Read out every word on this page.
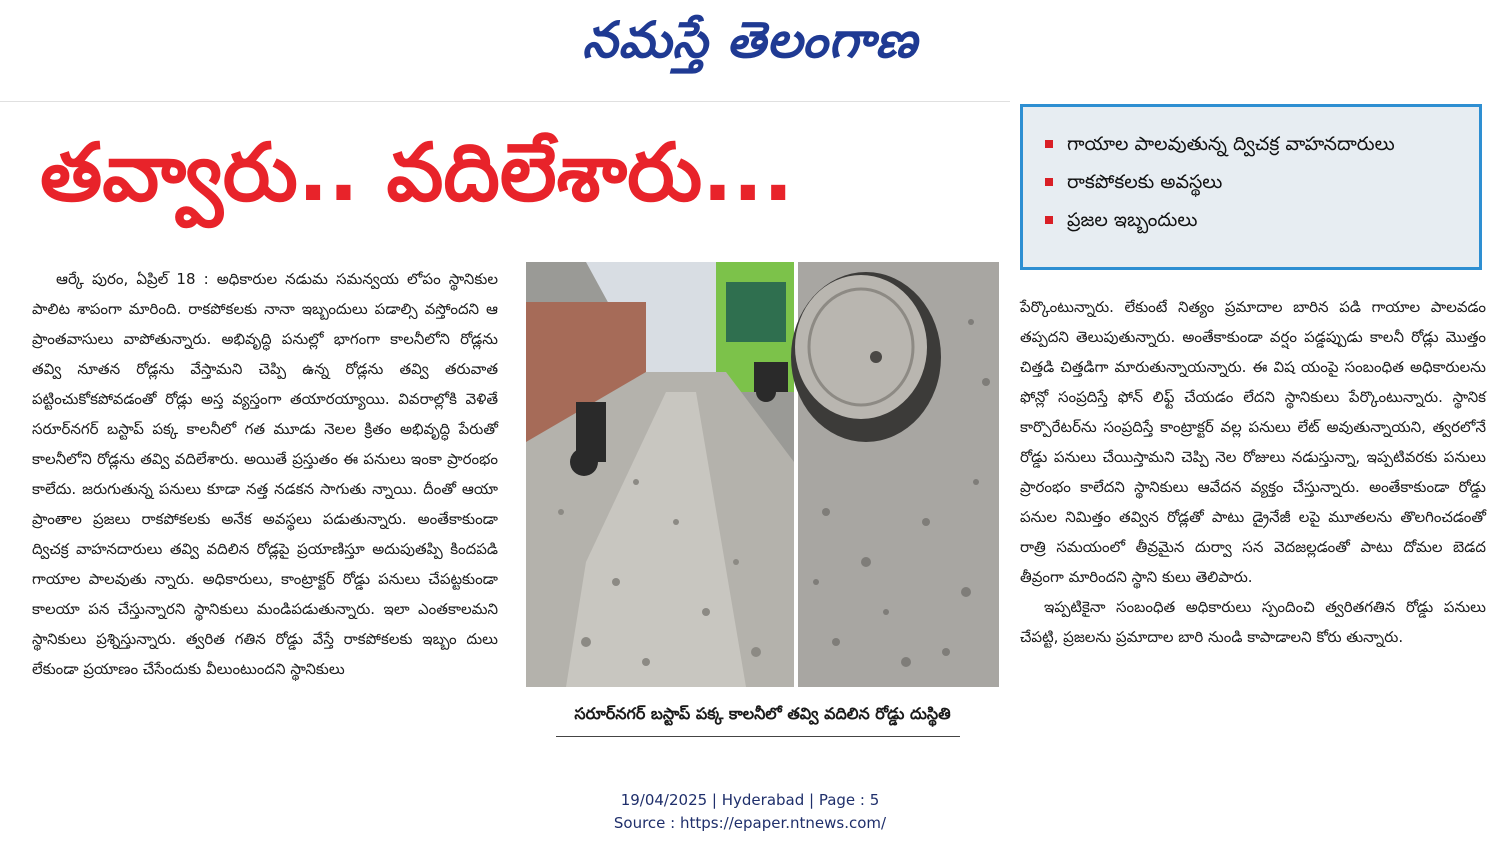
నమస్తే తెలంగాణ
తవ్వారు.. వదిలేశారు...	గాయాల పాలవుతున్న ద్విచక్ర వాహనదారులు
రాకపోకలకు అవస్థలు
ప్రజల ఇబ్బందులు

ఆర్కే పురం, ఏప్రిల్ 18 : అధికారుల నడుమ సమన్వయ లోపం స్థానికుల పాలిట శాపంగా మారింది. రాకపోకలకు నానా ఇబ్బందులు పడాల్సి వస్తోందని ఆ ప్రాంతవాసులు వాపోతున్నారు. అభివృద్ధి పనుల్లో భాగంగా కాలనీలోని రోడ్లను తవ్వి నూతన రోడ్లను వేస్తామని చెప్పి ఉన్న రోడ్లను తవ్వి తరువాత పట్టించుకోకపోవడంతో రోడ్లు అస్త వ్యస్తంగా తయారయ్యాయి. వివరాల్లోకి వెళితే సరూర్‌నగర్ బస్టాప్ పక్క కాలనీలో గత మూడు నెలల క్రితం అభివృద్ధి పేరుతో కాలనీలోని రోడ్లను తవ్వి వదిలేశారు. అయితే ప్రస్తుతం ఈ పనులు ఇంకా ప్రారంభం కాలేదు. జరుగుతున్న పనులు కూడా నత్త నడకన సాగుతు న్నాయి. దీంతో ఆయా ప్రాంతాల ప్రజలు రాకపోకలకు అనేక అవస్థలు పడుతున్నారు. అంతేకాకుండా ద్విచక్ర వాహనదారులు తవ్వి వదిలిన రోడ్లపై ప్రయాణిస్తూ అదుపుతప్పి కిందపడి గాయాల పాలవుతు న్నారు. అధికారులు, కాంట్రాక్టర్ రోడ్డు పనులు చేపట్టకుండా కాలయా పన చేస్తున్నారని స్థానికులు మండిపడుతున్నారు. ఇలా ఎంతకాలమని స్థానికులు ప్రశ్నిస్తున్నారు. త్వరిత గతిన రోడ్డు వేస్తే రాకపోకలకు ఇబ్బం దులు లేకుండా ప్రయాణం చేసేందుకు వీలుంటుందని స్థానికులు

సరూర్‌నగర్ బస్టాప్ పక్క కాలనీలో తవ్వి వదిలిన రోడ్డు దుస్థితి

పేర్కొంటున్నారు. లేకుంటే నిత్యం ప్రమాదాల బారిన పడి గాయాల పాలవడం తప్పదని తెలుపుతున్నారు. అంతేకాకుండా వర్షం పడ్డప్పుడు కాలనీ రోడ్లు మొత్తం చిత్తడి చిత్తడిగా మారుతున్నాయన్నారు. ఈ విష యంపై సంబంధిత అధికారులను ఫోన్లో సంప్రదిస్తే ఫోన్ లిఫ్ట్ చేయడం లేదని స్థానికులు పేర్కొంటున్నారు. స్థానిక కార్పొరేటర్‌ను సంప్రదిస్తే కాంట్రాక్టర్ వల్ల పనులు లేట్ అవుతున్నాయని, త్వరలోనే రోడ్డు పనులు చేయిస్తామని చెప్పి నెల రోజులు నడుస్తున్నా, ఇప్పటివరకు పనులు ప్రారంభం కాలేదని స్థానికులు ఆవేదన వ్యక్తం చేస్తున్నారు. అంతేకాకుండా రోడ్డు పనుల నిమిత్తం తవ్విన రోడ్లతో పాటు డ్రైనేజీ లపై మూతలను తొలగించడంతో రాత్రి సమయంలో తీవ్రమైన దుర్వా సన వెదజల్లడంతో పాటు దోమల బెడద తీవ్రంగా మారిందని స్థాని కులు తెలిపారు.

ఇప్పటికైనా సంబంధిత అధికారులు స్పందించి త్వరితగతిన రోడ్డు పనులు చేపట్టి, ప్రజలను ప్రమాదాల బారి నుండి కాపాడాలని కోరు తున్నారు.

19/04/2025 | Hyderabad | Page : 5
Source : https://epaper.ntnews.com/
